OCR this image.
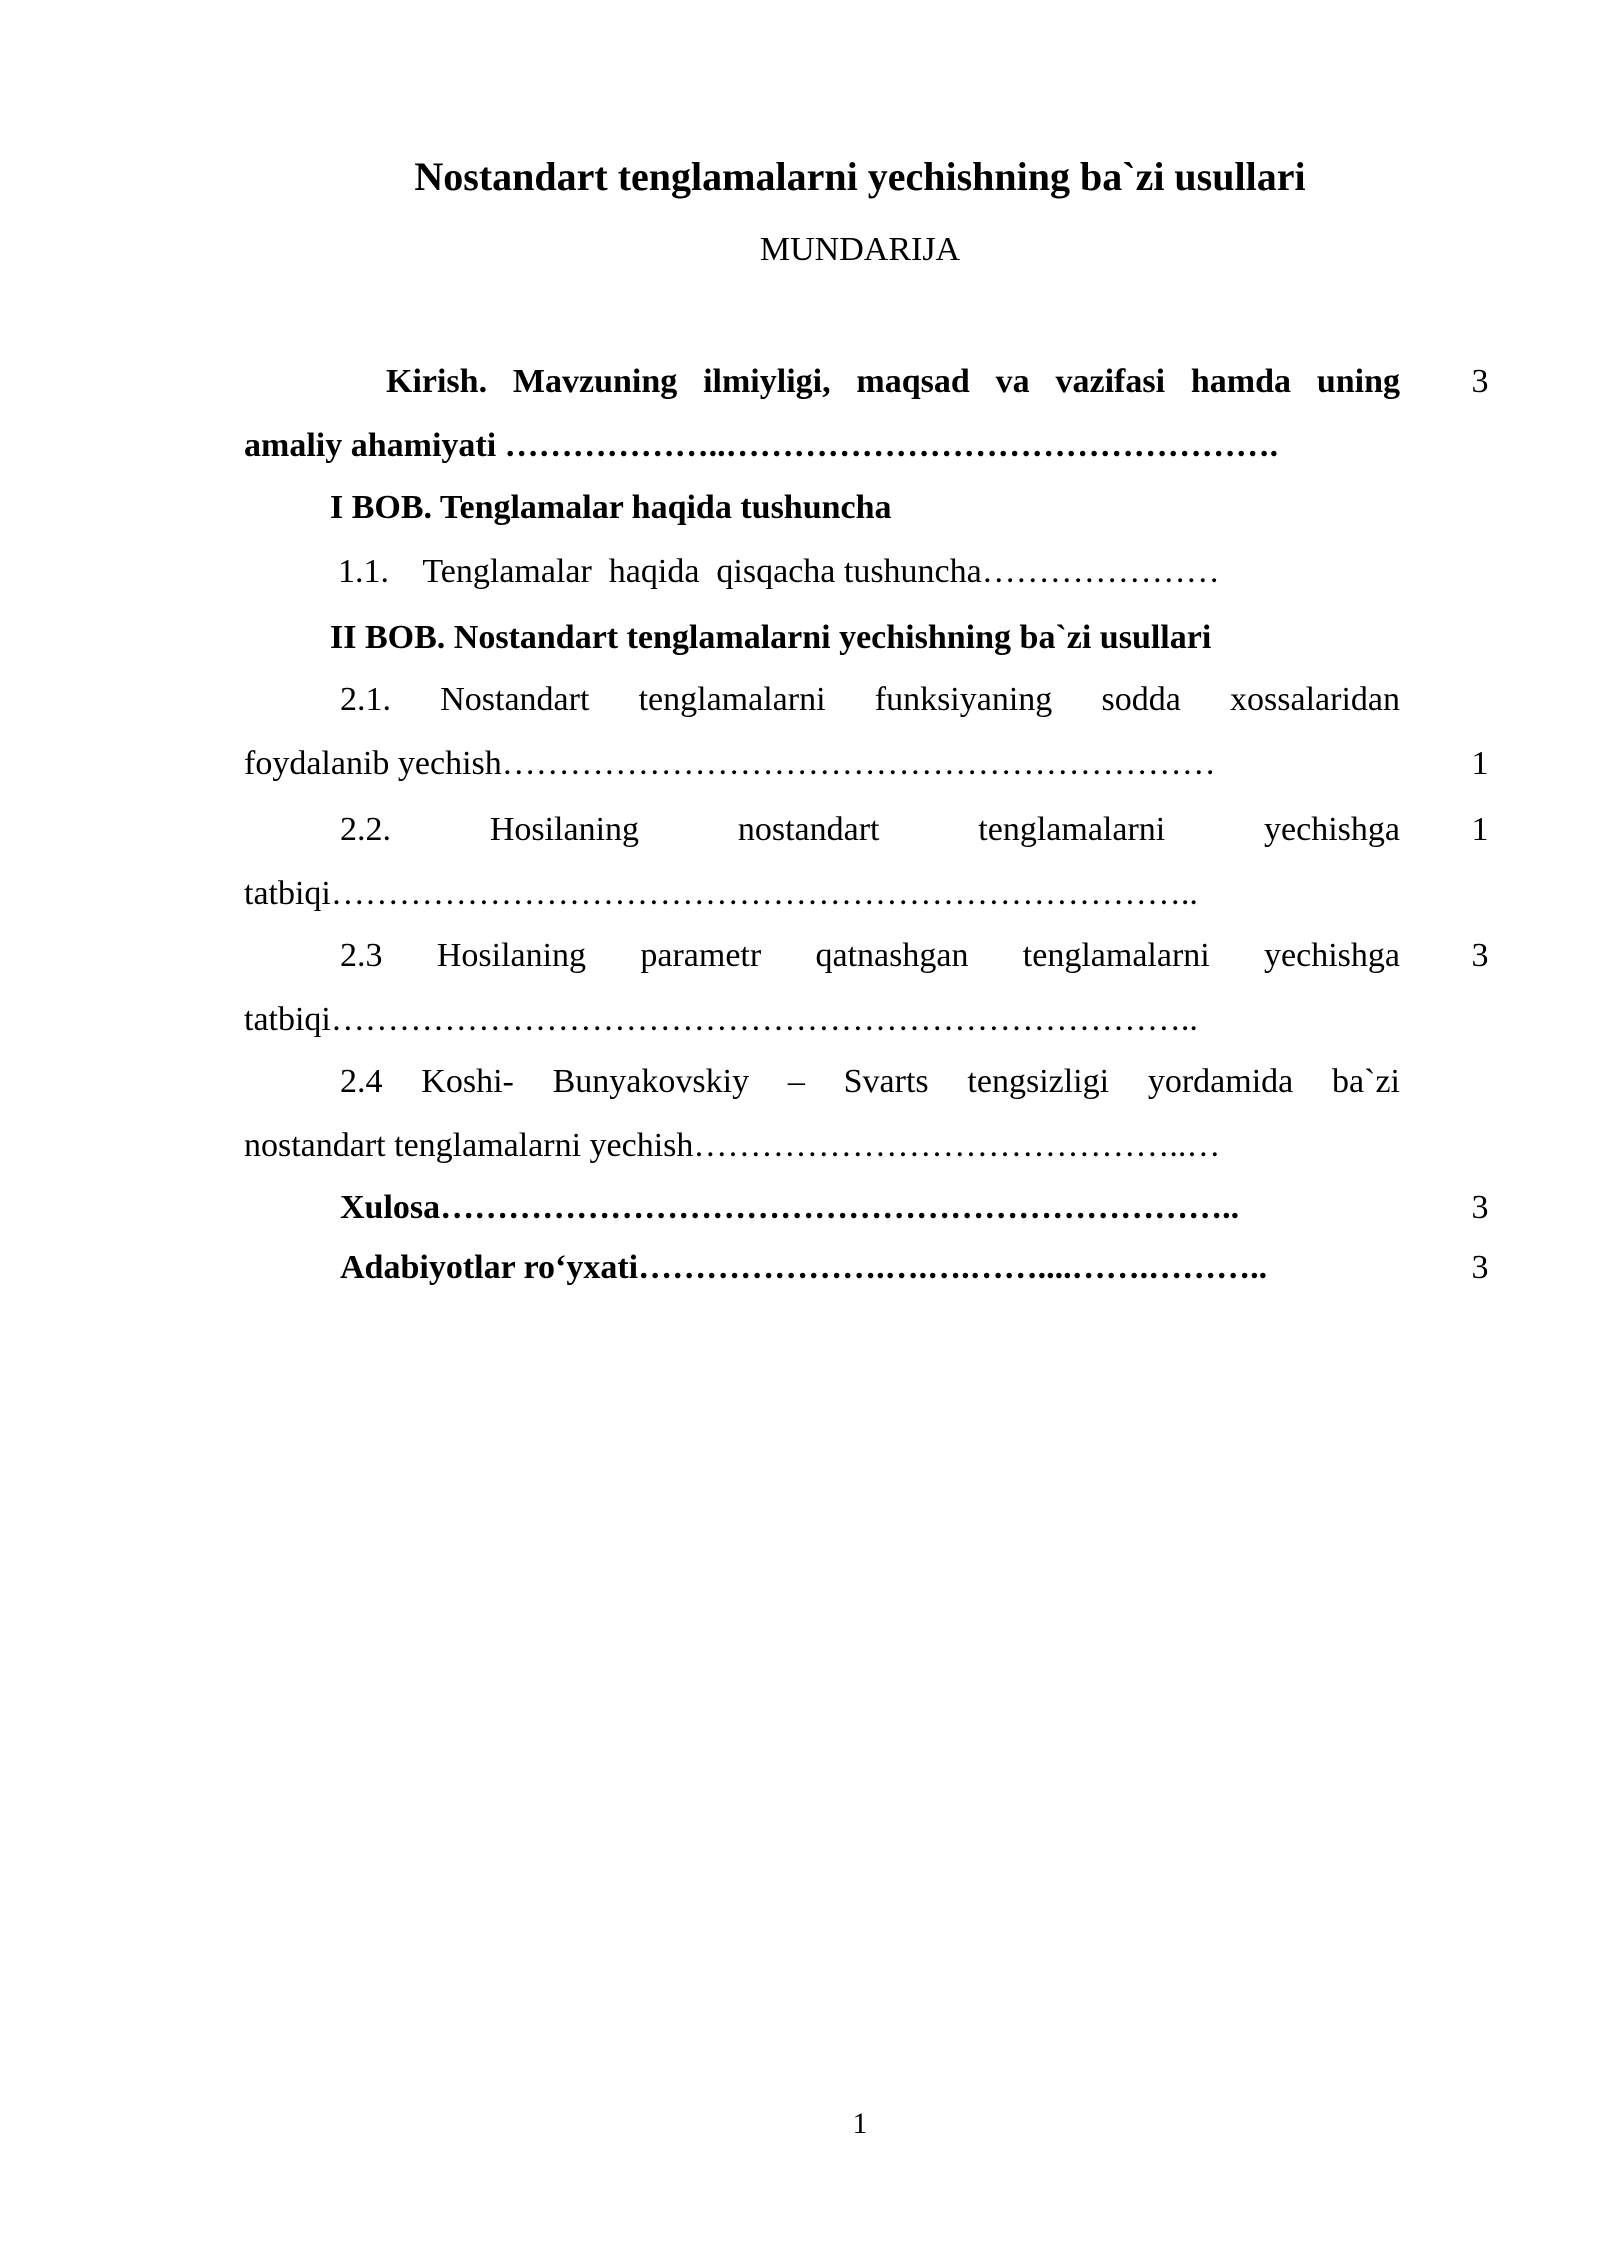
Nostandart tenglamalarni yechishning ba`zi usullari
MUNDARIJA
Kirish. Mavzuning ilmiyligi, maqsad va vazifasi hamda uning	3
amaliy ahamiyati ………………..………………………………………….
I BOB. Tenglamalar haqida tushuncha
1.1.    Tenglamalar  haqida  qisqacha tushuncha…………………
II BOB. Nostandart tenglamalarni yechishning ba`zi usullari
2.1. Nostandart tenglamalarni funksiyaning sodda xossalaridan
foydalanib yechish………………………………………………………	1
2.2. Hosilaning nostandart tenglamalarni yechishga	1
tatbiqi…………………………………………………………………..
2.3 Hosilaning parametr qatnashgan tenglamalarni yechishga	3
tatbiqi…………………………………………………………………..
2.4 Koshi- Bunyakovskiy – Svarts tengsizligi yordamida ba`zi
nostandart tenglamalarni yechish……………………………………..…
Xulosa……………………………………………………………..	3
Adabiyotlar ro‘yxati………………….….….……....…….………..	3
1
